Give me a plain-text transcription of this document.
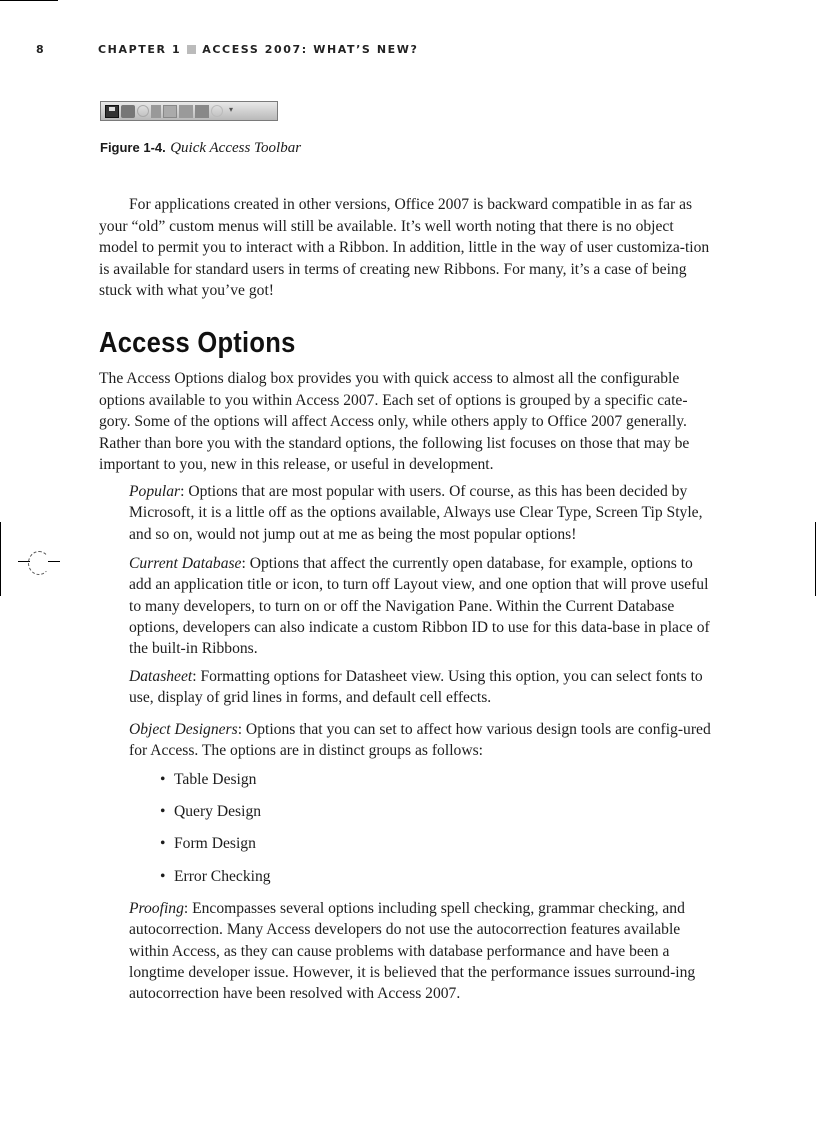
8	CHAPTER 1 ACCESS 2007: WHAT’S NEW?
▾
Figure 1-4. Quick Access Toolbar

For applications created in other versions, Office 2007 is backward compatible in as far as your “old” custom menus will still be available. It’s well worth noting that there is no object model to permit you to interact with a Ribbon. In addition, little in the way of user customiza-tion is available for standard users in terms of creating new Ribbons. For many, it’s a case of being stuck with what you’ve got!

Access Options

The Access Options dialog box provides you with quick access to almost all the configurable options available to you within Access 2007. Each set of options is grouped by a specific cate-gory. Some of the options will affect Access only, while others apply to Office 2007 generally. Rather than bore you with the standard options, the following list focuses on those that may be important to you, new in this release, or useful in development.

Popular: Options that are most popular with users. Of course, as this has been decided by Microsoft, it is a little off as the options available, Always use Clear Type, Screen Tip Style, and so on, would not jump out at me as being the most popular options!

Current Database: Options that affect the currently open database, for example, options to add an application title or icon, to turn off Layout view, and one option that will prove useful to many developers, to turn on or off the Navigation Pane. Within the Current Database options, developers can also indicate a custom Ribbon ID to use for this data-base in place of the built-in Ribbons.

Datasheet: Formatting options for Datasheet view. Using this option, you can select fonts to use, display of grid lines in forms, and default cell effects.

Object Designers: Options that you can set to affect how various design tools are config-ured for Access. The options are in distinct groups as follows:

• Table Design
• Query Design
• Form Design
• Error Checking

Proofing: Encompasses several options including spell checking, grammar checking, and autocorrection. Many Access developers do not use the autocorrection features available within Access, as they can cause problems with database performance and have been a longtime developer issue. However, it is believed that the performance issues surround-ing autocorrection have been resolved with Access 2007.
